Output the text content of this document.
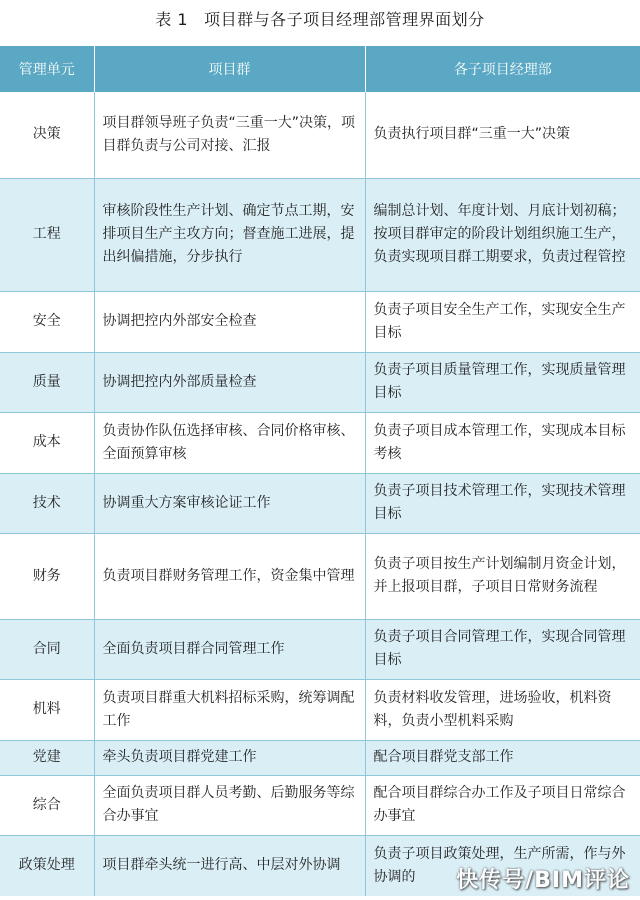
表 1 项目群与各子项目经理部管理界面划分
管理单元	项目群	各子项目经理部
决策	项目群领导班子负责“三重一大”决策，项目群负责与公司对接、汇报	负责执行项目群“三重一大”决策
工程	审核阶段性生产计划、确定节点工期，安排项目生产主攻方向；督查施工进展，提出纠偏措施，分步执行	编制总计划、年度计划、月底计划初稿；按项目群审定的阶段计划组织施工生产，负责实现项目群工期要求，负责过程管控
安全	协调把控内外部安全检查	负责子项目安全生产工作，实现安全生产目标
质量	协调把控内外部质量检查	负责子项目质量管理工作，实现质量管理目标
成本	负责协作队伍选择审核、合同价格审核、全面预算审核	负责子项目成本管理工作，实现成本目标考核
技术	协调重大方案审核论证工作	负责子项目技术管理工作，实现技术管理目标
财务	负责项目群财务管理工作，资金集中管理	负责子项目按生产计划编制月资金计划，并上报项目群，子项目日常财务流程
合同	全面负责项目群合同管理工作	负责子项目合同管理工作，实现合同管理目标
机料	负责项目群重大机料招标采购，统筹调配工作	负责材料收发管理，进场验收，机料资料，负责小型机料采购
党建	牵头负责项目群党建工作	配合项目群党支部工作
综合	全面负责项目群人员考勤、后勤服务等综合办事宜	配合项目群综合办工作及子项目日常综合办事宜
政策处理	项目群牵头统一进行高、中层对外协调	负责子项目政策处理，生产所需，作与外协调的 快传号/BIM评论
